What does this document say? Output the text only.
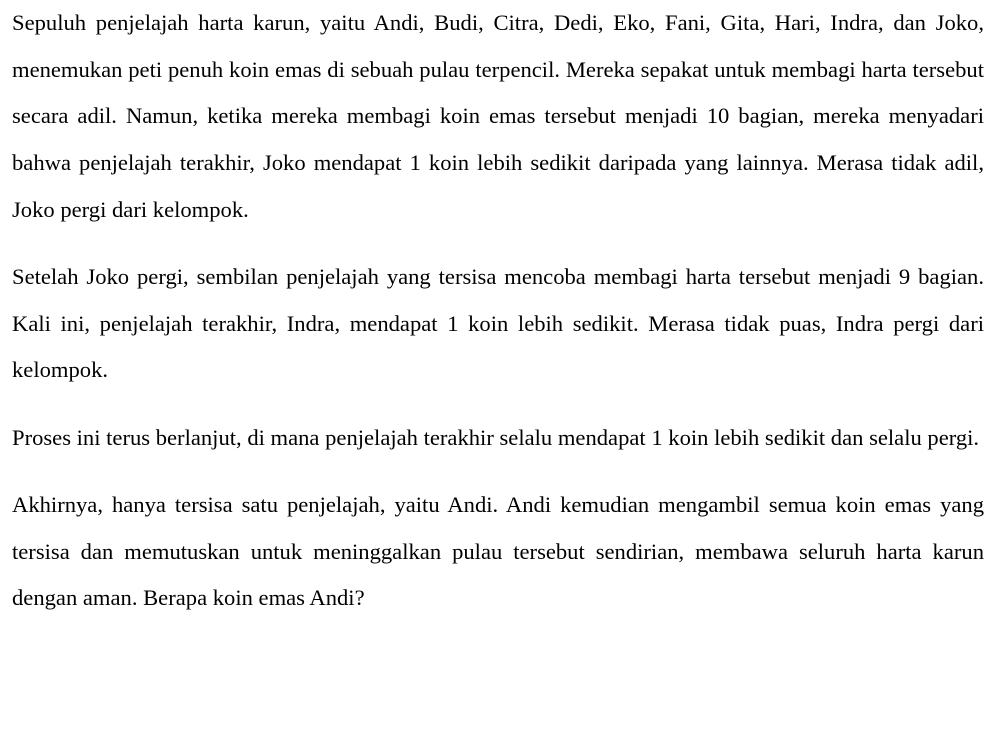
Sepuluh penjelajah harta karun, yaitu Andi, Budi, Citra, Dedi, Eko, Fani, Gita, Hari, Indra, dan Joko, menemukan peti penuh koin emas di sebuah pulau terpencil. Mereka sepakat untuk membagi harta tersebut secara adil. Namun, ketika mereka membagi koin emas tersebut menjadi 10 bagian, mereka menyadari bahwa penjelajah terakhir, Joko mendapat 1 koin lebih sedikit daripada yang lainnya. Merasa tidak adil, Joko pergi dari kelompok.

Setelah Joko pergi, sembilan penjelajah yang tersisa mencoba membagi harta tersebut menjadi 9 bagian. Kali ini, penjelajah terakhir, Indra, mendapat 1 koin lebih sedikit. Merasa tidak puas, Indra pergi dari kelompok.

Proses ini terus berlanjut, di mana penjelajah terakhir selalu mendapat 1 koin lebih sedikit dan selalu pergi.

Akhirnya, hanya tersisa satu penjelajah, yaitu Andi. Andi kemudian mengambil semua koin emas yang tersisa dan memutuskan untuk meninggalkan pulau tersebut sendirian, membawa seluruh harta karun dengan aman. Berapa koin emas Andi?
